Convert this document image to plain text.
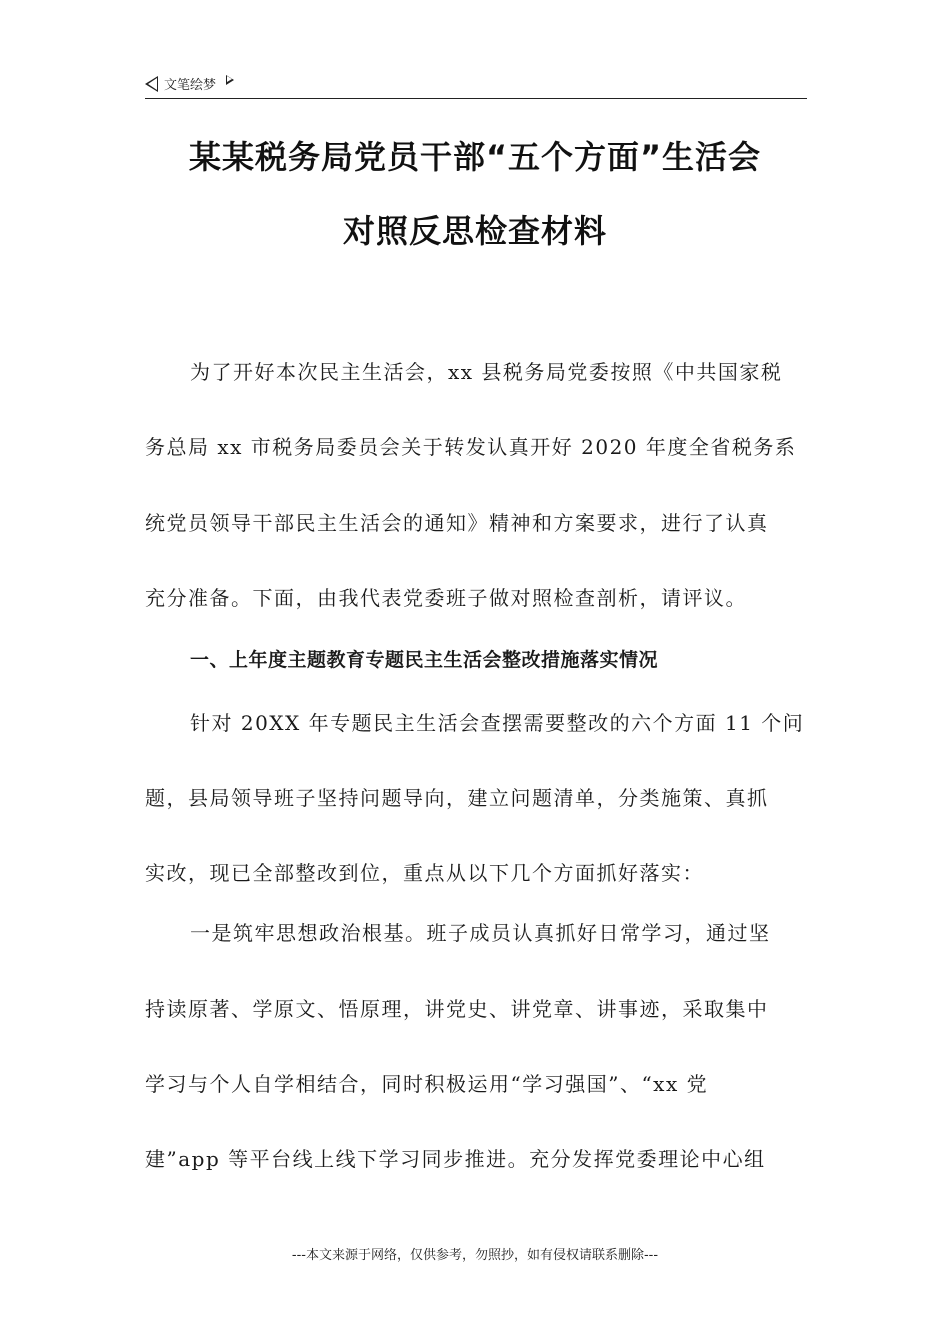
文笔绘梦
某某税务局党员干部“五个方面”生活会
对照反思检查材料
为了开好本次民主生活会，xx 县税务局党委按照《中共国家税
务总局 xx 市税务局委员会关于转发认真开好 2020 年度全省税务系
统党员领导干部民主生活会的通知》精神和方案要求，进行了认真
充分准备。下面，由我代表党委班子做对照检查剖析，请评议。
一、上年度主题教育专题民主生活会整改措施落实情况
针对 20XX 年专题民主生活会查摆需要整改的六个方面 11 个问
题，县局领导班子坚持问题导向，建立问题清单，分类施策、真抓
实改，现已全部整改到位，重点从以下几个方面抓好落实：
一是筑牢思想政治根基。班子成员认真抓好日常学习，通过坚
持读原著、学原文、悟原理，讲党史、讲党章、讲事迹，采取集中
学习与个人自学相结合，同时积极运用“学习强国”、“xx 党
建”app 等平台线上线下学习同步推进。充分发挥党委理论中心组
---本文来源于网络，仅供参考，勿照抄，如有侵权请联系删除---
